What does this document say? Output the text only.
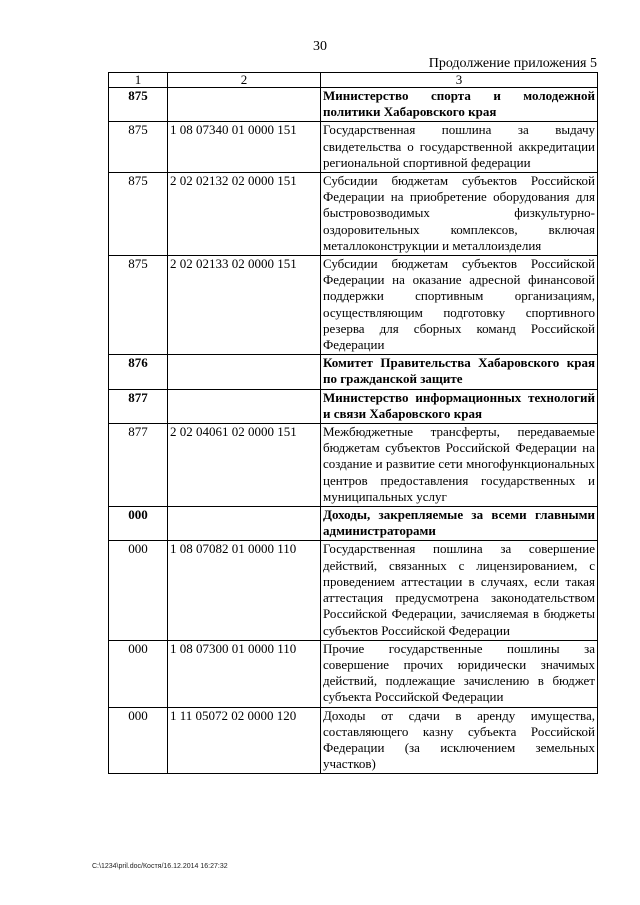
30
Продолжение приложения 5
1	2	3
875		Министерство спорта и молодежной политики Хабаровского края
875	1 08 07340 01 0000 151	Государственная пошлина за выдачу свидетельства о государственной аккредитации региональной спортивной федерации
875	2 02 02132 02 0000 151	Субсидии бюджетам субъектов Российской Федерации на приобретение оборудования для быстровозводимых физкультурно-оздоровительных комплексов, включая металлоконструкции и металлоизделия
875	2 02 02133 02 0000 151	Субсидии бюджетам субъектов Российской Федерации на оказание адресной финансовой поддержки спортивным организациям, осуществляющим подготовку спортивного резерва для сборных команд Российской Федерации
876		Комитет Правительства Хабаровского края по гражданской защите
877		Министерство информационных технологий и связи Хабаровского края
877	2 02 04061 02 0000 151	Межбюджетные трансферты, передаваемые бюджетам субъектов Российской Федерации на создание и развитие сети многофункциональных центров предоставления государственных и муниципальных услуг
000		Доходы, закрепляемые за всеми главными администраторами
000	1 08 07082 01 0000 110	Государственная пошлина за совершение действий, связанных с лицензированием, с проведением аттестации в случаях, если такая аттестация предусмотрена законодательством Российской Федерации, зачисляемая в бюджеты субъектов Российской Федерации
000	1 08 07300 01 0000 110	Прочие государственные пошлины за совершение прочих юридически значимых действий, подлежащие зачислению в бюджет субъекта Российской Федерации
000	1 11 05072 02 0000 120	Доходы от сдачи в аренду имущества, составляющего казну субъекта Российской Федерации (за исключением земельных участков)
C:\1234\pril.doc/Костя/16.12.2014 16:27:32
